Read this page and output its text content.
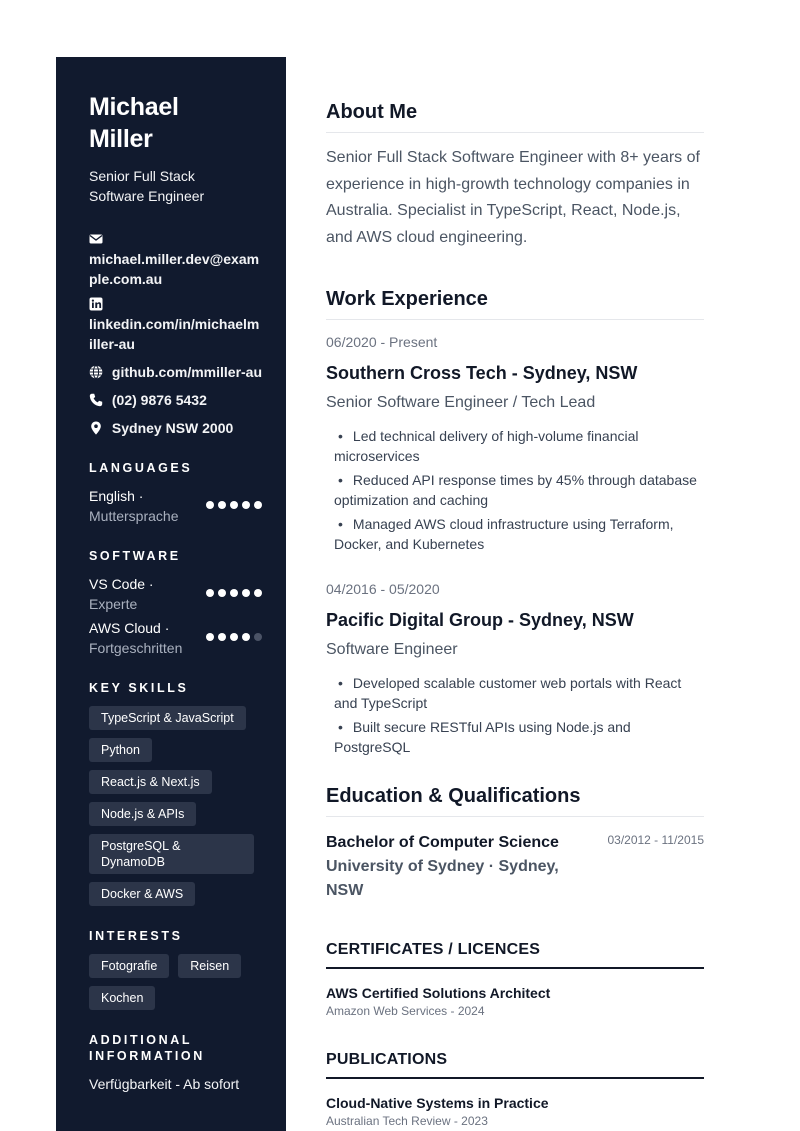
Michael
Miller
Senior Full Stack
Software Engineer
michael.miller.dev@example.com.au
linkedin.com/in/michaelmiller-au
github.com/mmiller-au
(02) 9876 5432
Sydney NSW 2000
LANGUAGES
English ·
Muttersprache
SOFTWARE
VS Code ·
Experte
AWS Cloud ·
Fortgeschritten
KEY SKILLS
TypeScript & JavaScript
Python
React.js & Next.js
Node.js & APIs
PostgreSQL & DynamoDB
Docker & AWS
INTERESTS
Fotografie	Reisen
Kochen
ADDITIONAL
INFORMATION
Verfügbarkeit - Ab sofort
About Me

Senior Full Stack Software Engineer with 8+ years of experience in high-growth technology companies in Australia. Specialist in TypeScript, React, Node.js, and AWS cloud engineering.

Work Experience
06/2020 - Present
Southern Cross Tech - Sydney, NSW
Senior Software Engineer / Tech Lead
• Led technical delivery of high-volume financial microservices
• Reduced API response times by 45% through database optimization and caching
• Managed AWS cloud infrastructure using Terraform, Docker, and Kubernetes
04/2016 - 05/2020
Pacific Digital Group - Sydney, NSW
Software Engineer
• Developed scalable customer web portals with React and TypeScript
• Built secure RESTful APIs using Node.js and PostgreSQL
Education & Qualifications
Bachelor of Computer Science
University of Sydney · Sydney, NSW
03/2012 - 11/2015
CERTIFICATES / LICENCES
AWS Certified Solutions Architect
Amazon Web Services - 2024
PUBLICATIONS
Cloud-Native Systems in Practice
Australian Tech Review - 2023
